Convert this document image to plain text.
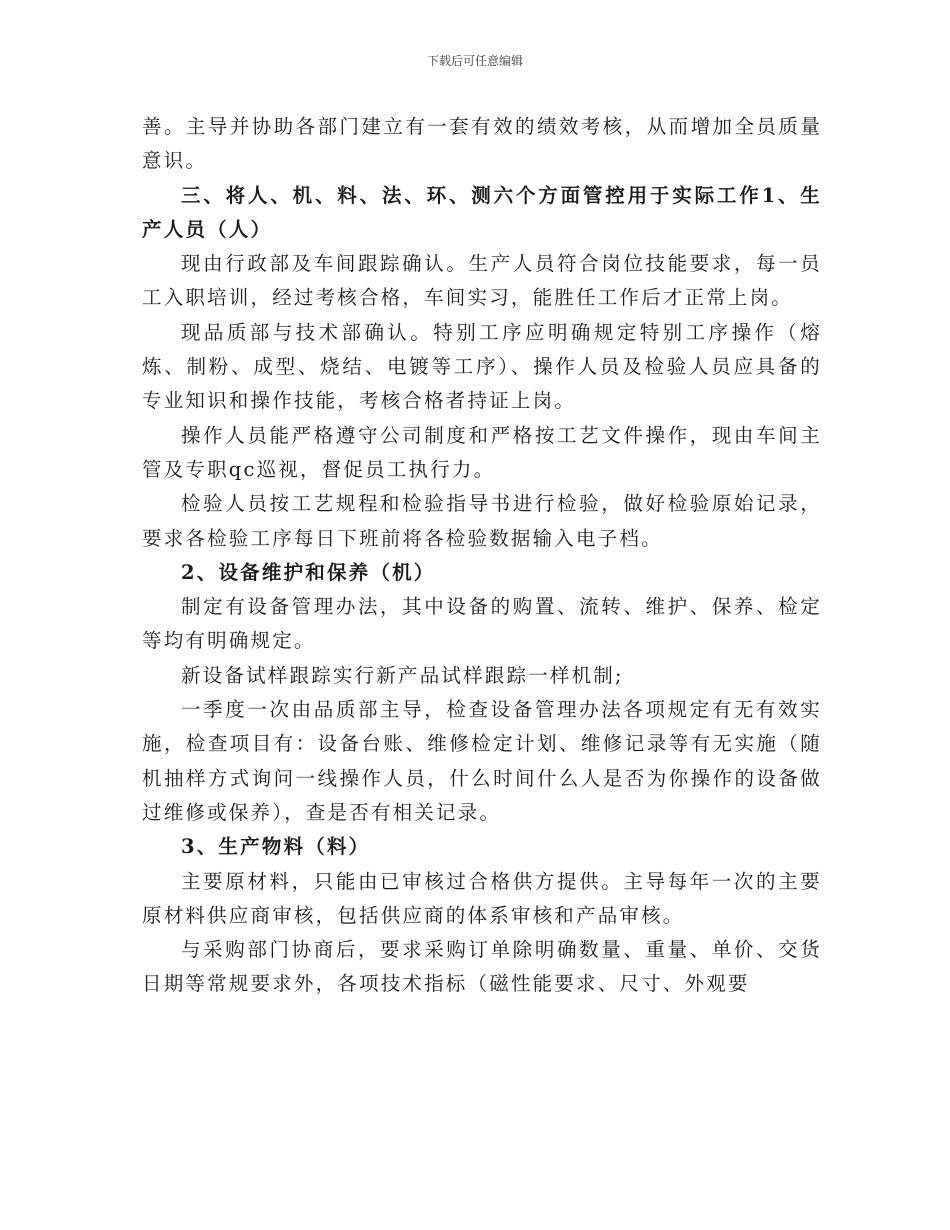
下载后可任意编辑

善。主导并协助各部门建立有一套有效的绩效考核，从而增加全员质量意识。

三、将人、机、料、法、环、测六个方面管控用于实际工作1、生产人员（人）

现由行政部及车间跟踪确认。生产人员符合岗位技能要求，每一员工入职培训，经过考核合格，车间实习，能胜任工作后才正常上岗。

现品质部与技术部确认。特别工序应明确规定特别工序操作（熔炼、制粉、成型、烧结、电镀等工序）、操作人员及检验人员应具备的专业知识和操作技能，考核合格者持证上岗。

操作人员能严格遵守公司制度和严格按工艺文件操作，现由车间主管及专职qc巡视，督促员工执行力。

检验人员按工艺规程和检验指导书进行检验，做好检验原始记录，要求各检验工序每日下班前将各检验数据输入电子档。

2、设备维护和保养（机）

制定有设备管理办法，其中设备的购置、流转、维护、保养、检定等均有明确规定。

新设备试样跟踪实行新产品试样跟踪一样机制;

一季度一次由品质部主导，检查设备管理办法各项规定有无有效实施，检查项目有：设备台账、维修检定计划、维修记录等有无实施（随机抽样方式询问一线操作人员，什么时间什么人是否为你操作的设备做过维修或保养），查是否有相关记录。

3、生产物料（料）

主要原材料，只能由已审核过合格供方提供。主导每年一次的主要原材料供应商审核，包括供应商的体系审核和产品审核。

与采购部门协商后，要求采购订单除明确数量、重量、单价、交货日期等常规要求外，各项技术指标（磁性能要求、尺寸、外观要
